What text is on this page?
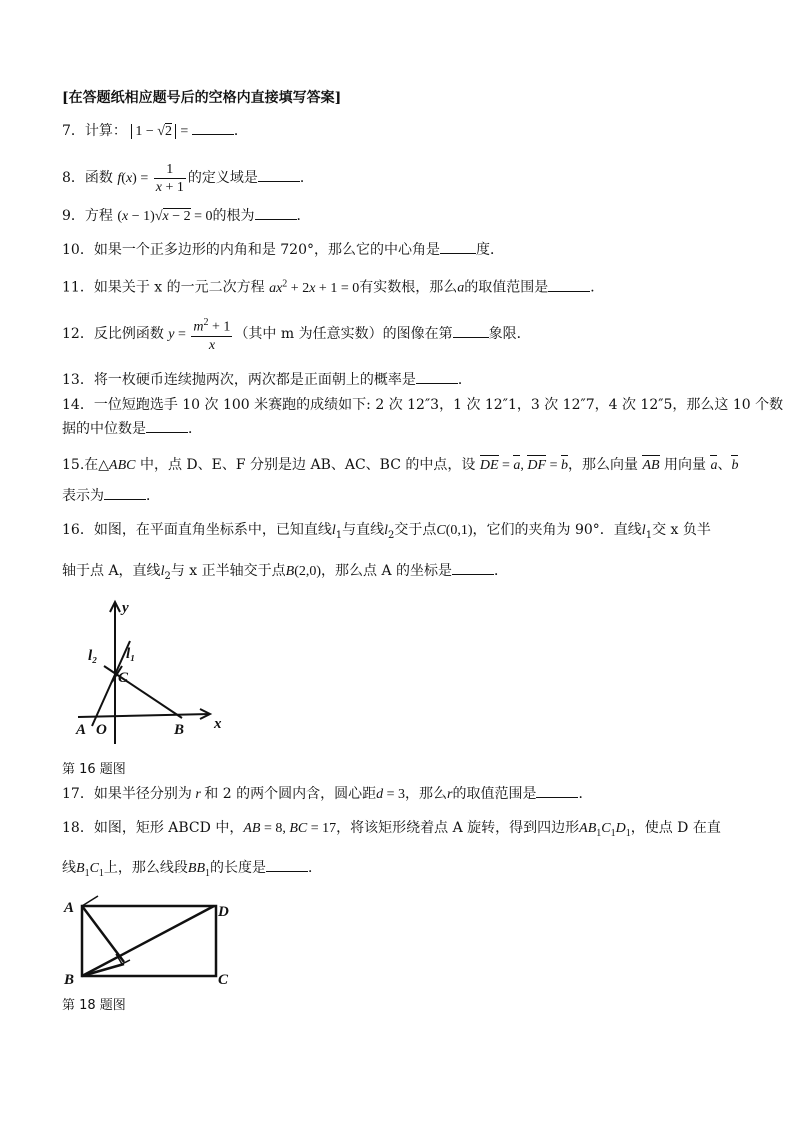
[在答题纸相应题号后的空格内直接填写答案]
7．计算： 1 − √2 =	．
8．函数 $f(x) = \frac{1}{x + 1}$ 的定义域是	．
9．方程 (x − 1)√x − 2 = 0的根为	．
10．如果一个正多边形的内角和是 720°，那么它的中心角是	度．
11．如果关于 x 的一元二次方程 $ax^2 + 2x + 1 = 0$有实数根，那么a的取值范围是	．
12．反比例函数 $y = \frac{m^2 + 1}{x}$ （其中 m 为任意实数）的图像在第	象限．
13．将一枚硬币连续抛两次，两次都是正面朝上的概率是	．
14．一位短跑选手 10 次 100 米赛跑的成绩如下: 2 次 12″3，1 次 12″1，3 次 12″7，4 次 12″5，那么这 10 个数
据的中位数是	．
15.在△ABC 中，点 D、E、F 分别是边 AB、AC、BC 的中点，设 DE = a, DF = b，那么向量 AB 用向量 a、b
表示为	．
16．如图，在平面直角坐标系中，已知直线$l_1$与直线$l_2$交于点C(0,1)，它们的夹角为 90°．直线$l_1$交 x 负半
轴于点 A，直线$l_2$与 x 正半轴交于点B(2,0)，那么点 A 的坐标是	．
y
x
l₂ l₁
C
A O	B
第 16 题图
17．如果半径分别为 r 和 2 的两个圆内含，圆心距d = 3，那么r的取值范围是	．
18．如图，矩形 ABCD 中，AB = 8, BC = 17，将该矩形绕着点 A 旋转，得到四边形$AB_1C_1D_1$，使点 D 在直
线$B_1C_1$上，那么线段$BB_1$的长度是	．
A	D
B	C
第 18 题图
